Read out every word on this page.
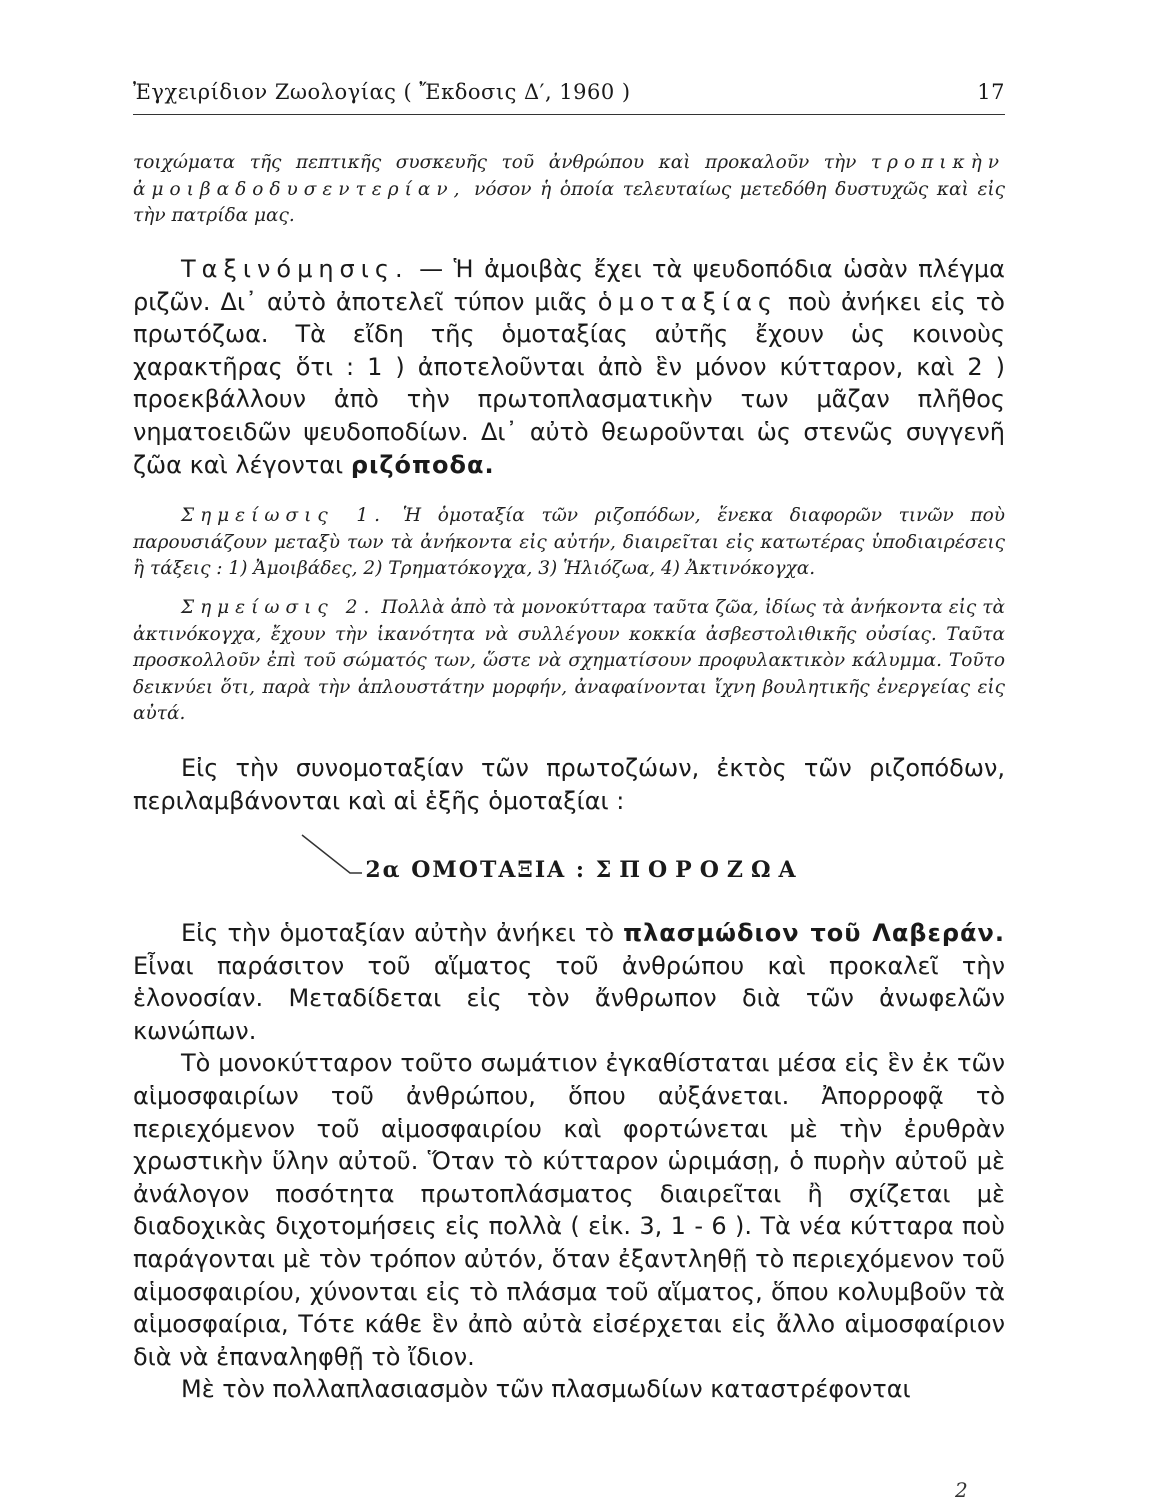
Ἐγχειρίδιον Ζωολογίας ( Ἔκδοσις Δ′, 1960 )	17

τοιχώματα τῆς πεπτικῆς συσκευῆς τοῦ ἀνθρώπου καὶ προκαλοῦν τὴν τροπικὴν ἀμοιβαδοδυσεντερίαν, νόσον ἡ ὁποία τελευταίως μετεδόθη δυστυχῶς καὶ εἰς τὴν πατρίδα μας.

Ταξινόμησις. — Ἡ ἀμοιβὰς ἔχει τὰ ψευδοπόδια ὡσὰν πλέγμα ριζῶν. Δι᾽ αὐτὸ ἀποτελεῖ τύπον μιᾶς ὁμοταξίας ποὺ ἀνήκει εἰς τὸ πρωτόζωα. Τὰ εἴδη τῆς ὁμοταξίας αὐτῆς ἔχουν ὡς κοινοὺς χαρακτῆρας ὅτι : 1 ) ἀποτελοῦνται ἀπὸ ἓν μόνον κύτταρον, καὶ 2 ) προεκβάλλουν ἀπὸ τὴν πρωτοπλασματικὴν των μᾶζαν πλῆθος νηματοειδῶν ψευδοποδίων. Δι᾽ αὐτὸ θεωροῦνται ὡς στενῶς συγγενῆ ζῶα καὶ λέγονται ριζόποδα.

Σημείωσις 1. Ἡ ὁμοταξία τῶν ριζοπόδων, ἕνεκα διαφορῶν τινῶν ποὺ παρουσιάζουν μεταξὺ των τὰ ἀνήκοντα εἰς αὐτήν, διαιρεῖται εἰς κατωτέρας ὑποδιαιρέσεις ἢ τάξεις : 1) Ἀμοιβάδες, 2) Τρηματόκογχα, 3) Ἡλιόζωα, 4) Ἀκτινόκογχα.

Σημείωσις 2. Πολλὰ ἀπὸ τὰ μονοκύτταρα ταῦτα ζῶα, ἰδίως τὰ ἀνήκοντα εἰς τὰ ἀκτινόκογχα, ἔχουν τὴν ἱκανότητα νὰ συλλέγουν κοκκία ἀσβεστολιθικῆς οὐσίας. Ταῦτα προσκολλοῦν ἐπὶ τοῦ σώματός των, ὥστε νὰ σχηματίσουν προφυλακτικὸν κάλυμμα. Τοῦτο δεικνύει ὅτι, παρὰ τὴν ἁπλουστάτην μορφήν, ἀναφαίνονται ἴχνη βουλητικῆς ἐνεργείας εἰς αὐτά.

Εἰς τὴν συνομοταξίαν τῶν πρωτοζώων, ἐκτὸς τῶν ριζοπόδων, περιλαμβάνονται καὶ αἱ ἑξῆς ὁμοταξίαι :

2α ΟΜΟΤΑΞΙΑ : ΣΠΟΡΟΖΩΑ

Εἰς τὴν ὁμοταξίαν αὐτὴν ἀνήκει τὸ πλασμώδιον τοῦ Λαβεράν. Εἶναι παράσιτον τοῦ αἵματος τοῦ ἀνθρώπου καὶ προκαλεῖ τὴν ἑλονοσίαν. Μεταδίδεται εἰς τὸν ἄνθρωπον διὰ τῶν ἀνωφελῶν κωνώπων.

Τὸ μονοκύτταρον τοῦτο σωμάτιον ἐγκαθίσταται μέσα εἰς ἓν ἐκ τῶν αἱμοσφαιρίων τοῦ ἀνθρώπου, ὅπου αὐξάνεται. Ἀπορροφᾷ τὸ περιεχόμενον τοῦ αἱμοσφαιρίου καὶ φορτώνεται μὲ τὴν ἐρυθρὰν χρωστικὴν ὕλην αὐτοῦ. Ὅταν τὸ κύτταρον ὡριμάσῃ, ὁ πυρὴν αὐτοῦ μὲ ἀνάλογον ποσότητα πρωτοπλάσματος διαιρεῖται ἢ σχίζεται μὲ διαδοχικὰς διχοτομήσεις εἰς πολλὰ ( εἰκ. 3, 1 - 6 ). Τὰ νέα κύτταρα ποὺ παράγονται μὲ τὸν τρόπον αὐτόν, ὅταν ἐξαντληθῇ τὸ περιεχόμενον τοῦ αἱμοσφαιρίου, χύνονται εἰς τὸ πλάσμα τοῦ αἵματος, ὅπου κολυμβοῦν τὰ αἱμοσφαίρια, Τότε κάθε ἓν ἀπὸ αὐτὰ εἰσέρχεται εἰς ἄλλο αἱμοσφαίριον διὰ νὰ ἐπαναληφθῇ τὸ ἴδιον.

Μὲ τὸν πολλαπλασιασμὸν τῶν πλασμωδίων καταστρέφονται

2
